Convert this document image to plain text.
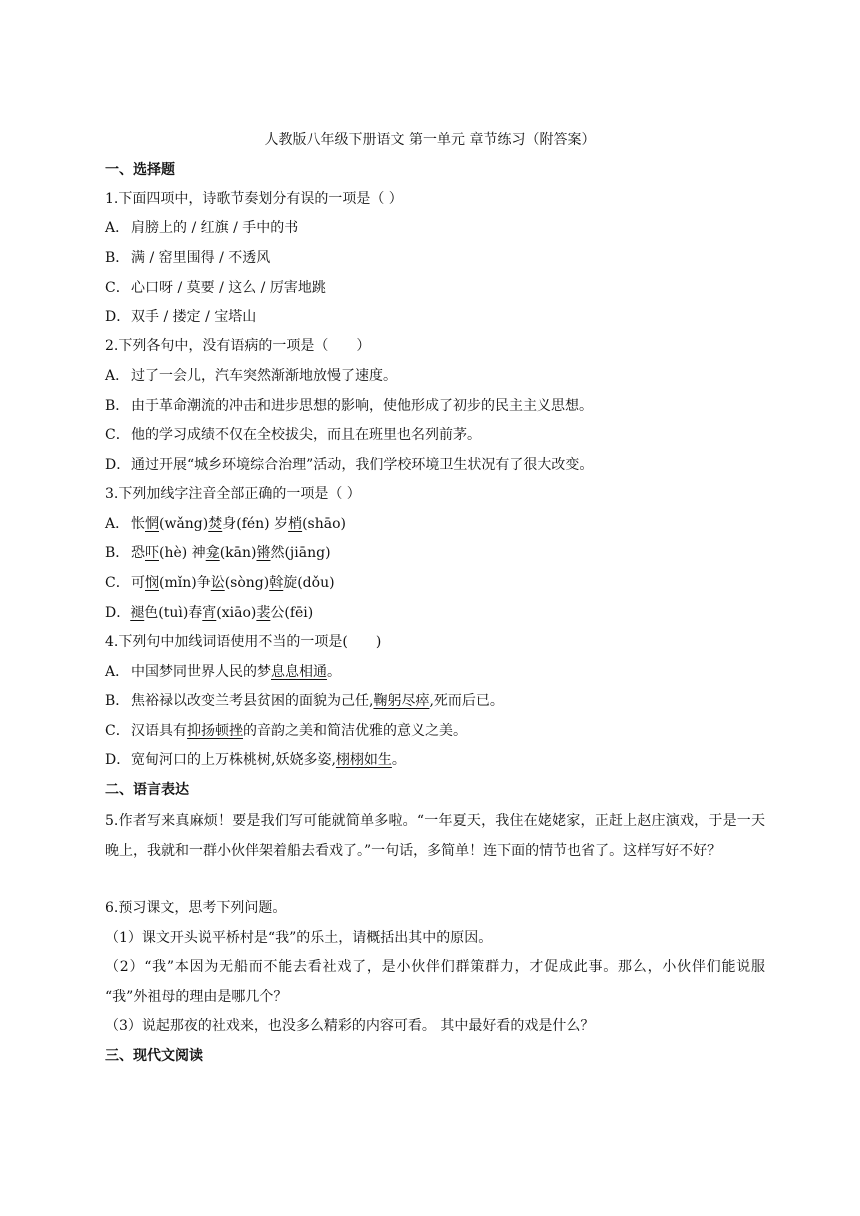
人教版八年级下册语文 第一单元 章节练习（附答案）
一、选择题
1.下面四项中，诗歌节奏划分有误的一项是（ ）
A． 肩膀上的 / 红旗 / 手中的书
B． 满 / 窑里围得 / 不透风
C．心口呀 / 莫要 / 这么 / 厉害地跳
D．双手 / 搂定 / 宝塔山
2.下列各句中，没有语病的一项是（　　）
A． 过了一会儿，汽车突然渐渐地放慢了速度。
B． 由于革命潮流的冲击和进步思想的影响，使他形成了初步的民主主义思想。
C．他的学习成绩不仅在全校拔尖，而且在班里也名列前茅。
D．通过开展“城乡环境综合治理”活动，我们学校环境卫生状况有了很大改变。
3.下列加线字注音全部正确的一项是（ ）
A． 怅惘(wǎng)焚身(fén) 岁梢(shāo)
B． 恐吓(hè) 神龛(kān)锵然(jiāng)
C．可悯(mǐn)争讼(sòng)斡旋(dǒu)
D．褪色(tuì)春宵(xiāo)裴公(fēi)
4.下列句中加线词语使用不当的一项是(　　)
A． 中国梦同世界人民的梦息息相通。
B． 焦裕禄以改变兰考县贫困的面貌为己任,鞠躬尽瘁,死而后已。
C．汉语具有抑扬顿挫的音韵之美和简洁优雅的意义之美。
D．宽甸河口的上万株桃树,妖娆多姿,栩栩如生。
二、语言表达
5.作者写来真麻烦！要是我们写可能就简单多啦。“一年夏天，我住在姥姥家，正赶上赵庄演戏，于是一天晚上，我就和一群小伙伴架着船去看戏了。”一句话，多简单！连下面的情节也省了。这样写好不好？
6.预习课文，思考下列问题。
（1）课文开头说平桥村是“我”的乐土，请概括出其中的原因。
（2）“我”本因为无船而不能去看社戏了，是小伙伴们群策群力，才促成此事。那么，小伙伴们能说服 “我”外祖母的理由是哪几个？
（3）说起那夜的社戏来，也没多么精彩的内容可看。 其中最好看的戏是什么？
三、现代文阅读
